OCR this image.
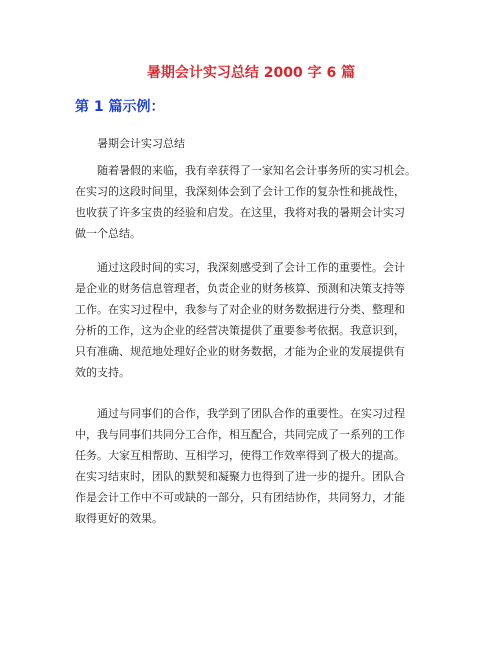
暑期会计实习总结 2000 字 6 篇
第 1 篇示例：
暑期会计实习总结
随着暑假的来临，我有幸获得了一家知名会计事务所的实习机会。
在实习的这段时间里，我深刻体会到了会计工作的复杂性和挑战性，
也收获了许多宝贵的经验和启发。在这里，我将对我的暑期会计实习
做一个总结。
通过这段时间的实习，我深刻感受到了会计工作的重要性。会计
是企业的财务信息管理者，负责企业的财务核算、预测和决策支持等
工作。在实习过程中，我参与了对企业的财务数据进行分类、整理和
分析的工作，这为企业的经营决策提供了重要参考依据。我意识到，
只有准确、规范地处理好企业的财务数据，才能为企业的发展提供有
效的支持。
通过与同事们的合作，我学到了团队合作的重要性。在实习过程
中，我与同事们共同分工合作，相互配合，共同完成了一系列的工作
任务。大家互相帮助、互相学习，使得工作效率得到了极大的提高。
在实习结束时，团队的默契和凝聚力也得到了进一步的提升。团队合
作是会计工作中不可或缺的一部分，只有团结协作，共同努力，才能
取得更好的效果。
